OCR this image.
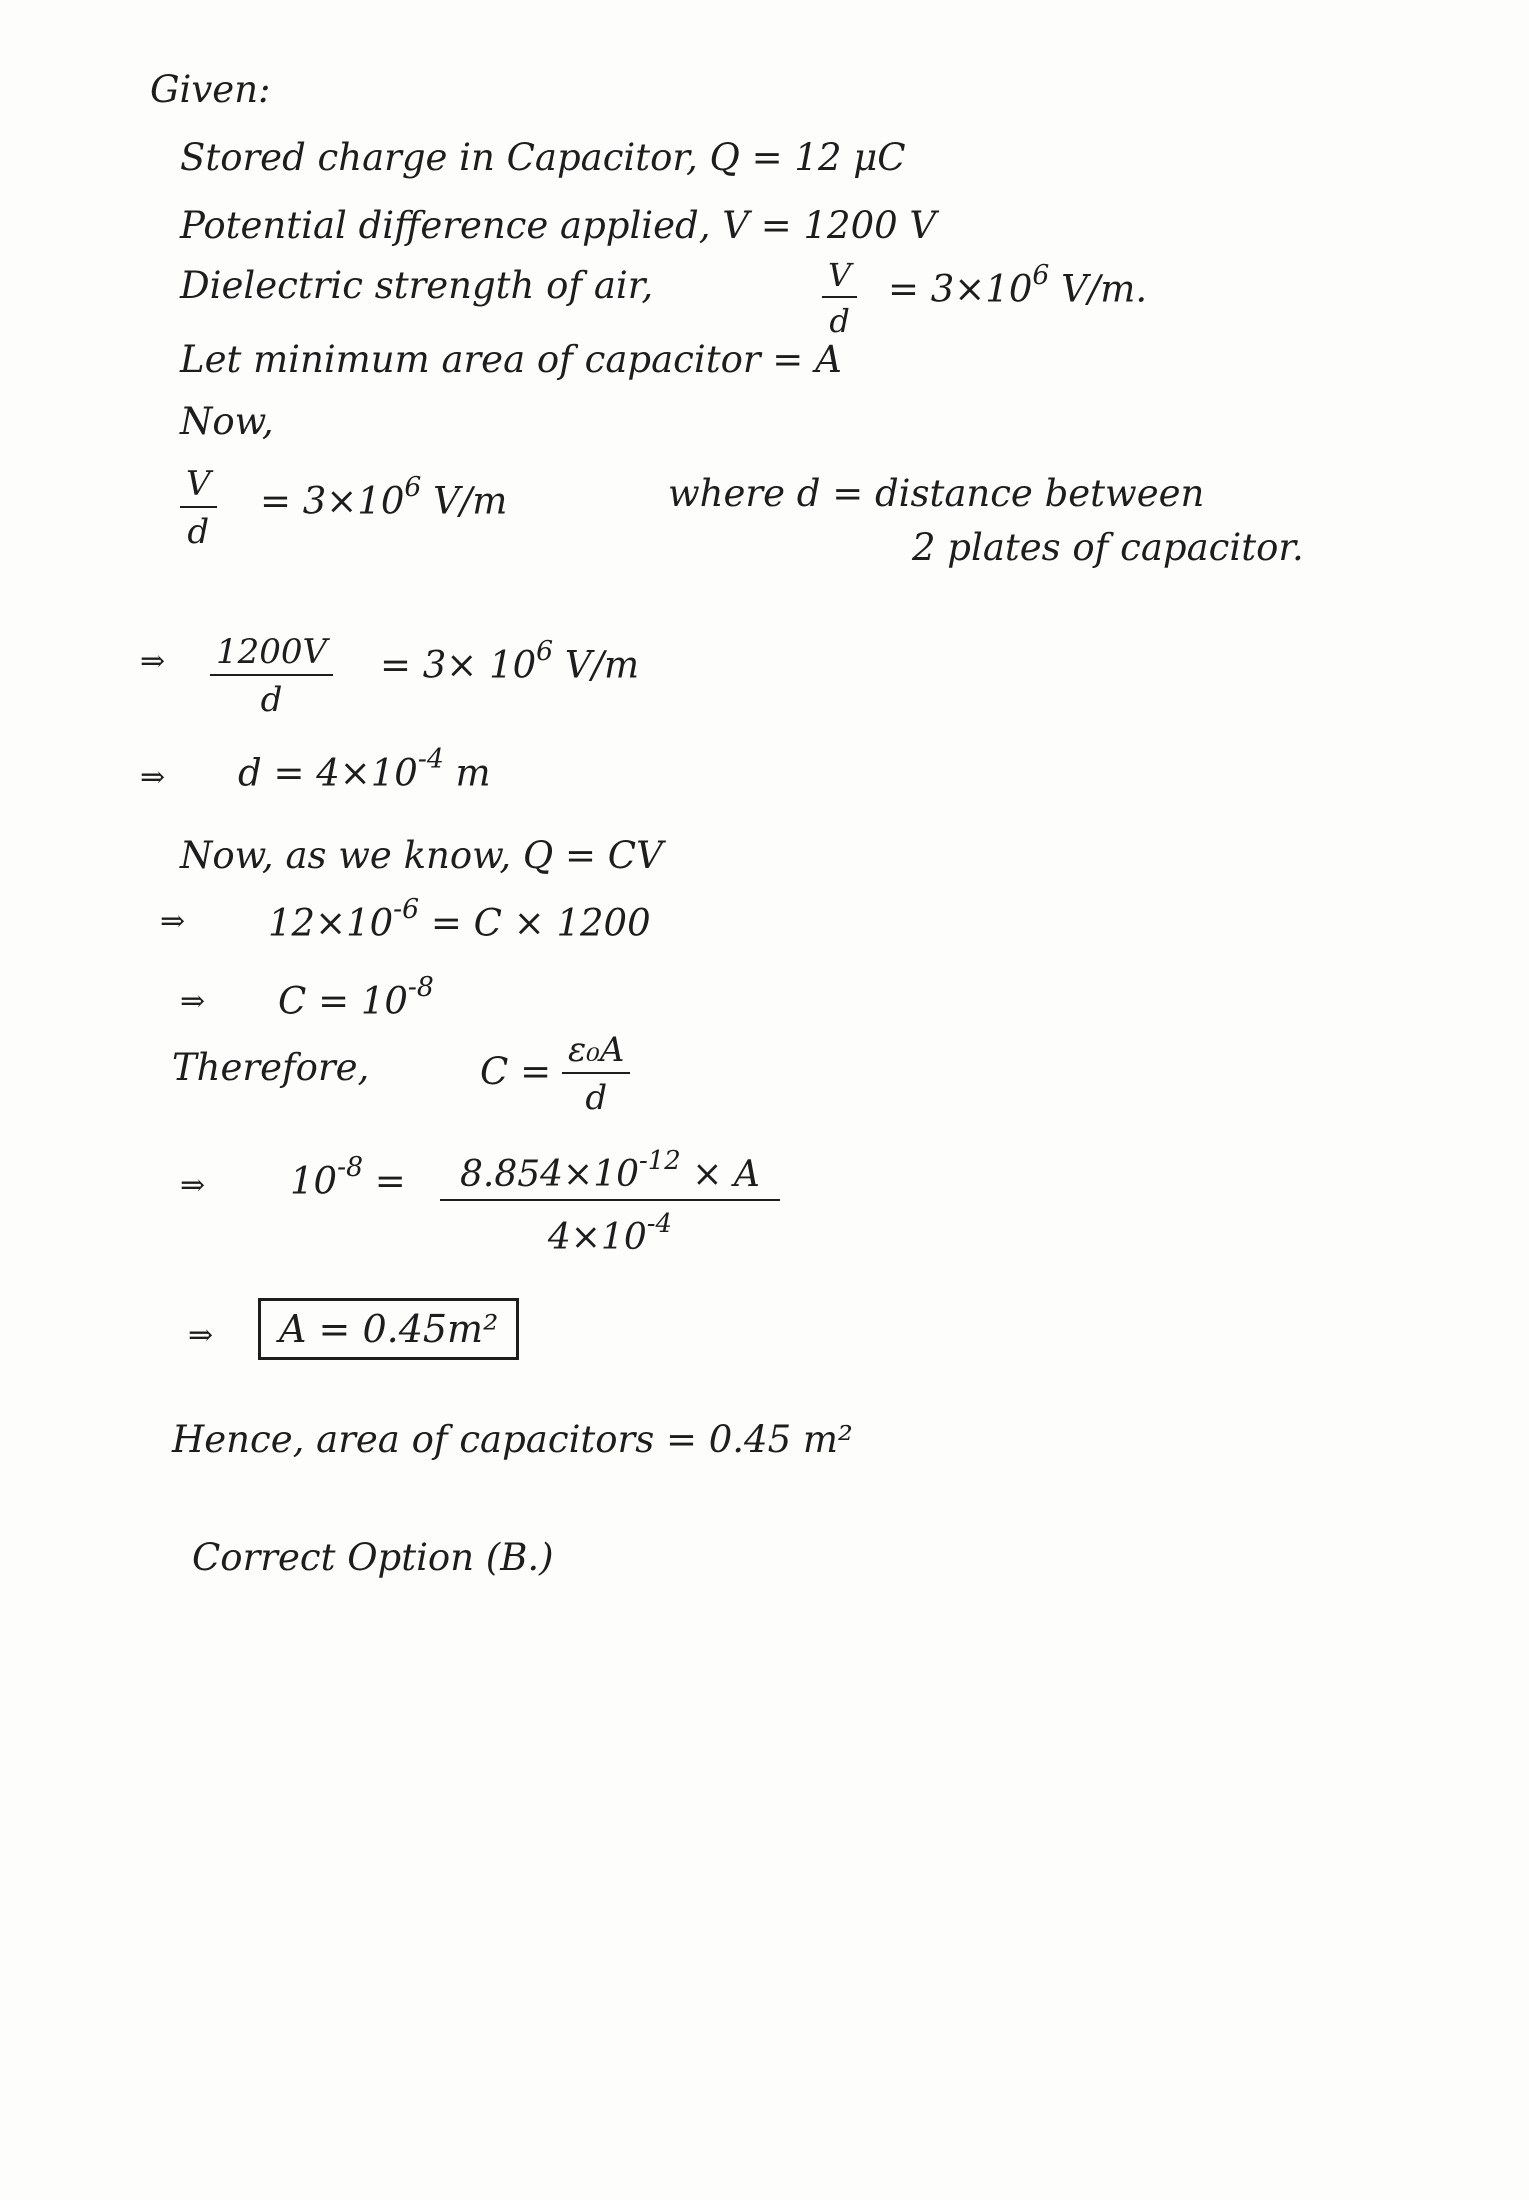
Given:
Stored charge in Capacitor, Q = 12 μC
Potential difference applied, V = 1200 V
Dielectric strength of air,	$\frac{V}{d} = 3\times 10^6$ V/m.
Let minimum area of capacitor = A
Now,
$\frac{V}{d} = 3\times 10^6$ V/m	where d = distance between
2 plates of capacitor.
⇒ $\frac{1200V}{d} = 3\times 10^6$ V/m
⇒ $d = 4\times 10^{-4}$ m
Now, as we know, Q = CV
⇒ $12\times 10^{-6} = C \times 1200$
⇒ $C = 10^{-8}$
Therefore,	$C = \frac{\text{ε₀A}}{d}$
⇒ $10^{-8} = \frac{8.854\times 10^{-12} \times A}{4\times 10^{-4}}$
⇒	A = 0.45m²
Hence, area of capacitors = 0.45 m²
Correct Option (B.)
